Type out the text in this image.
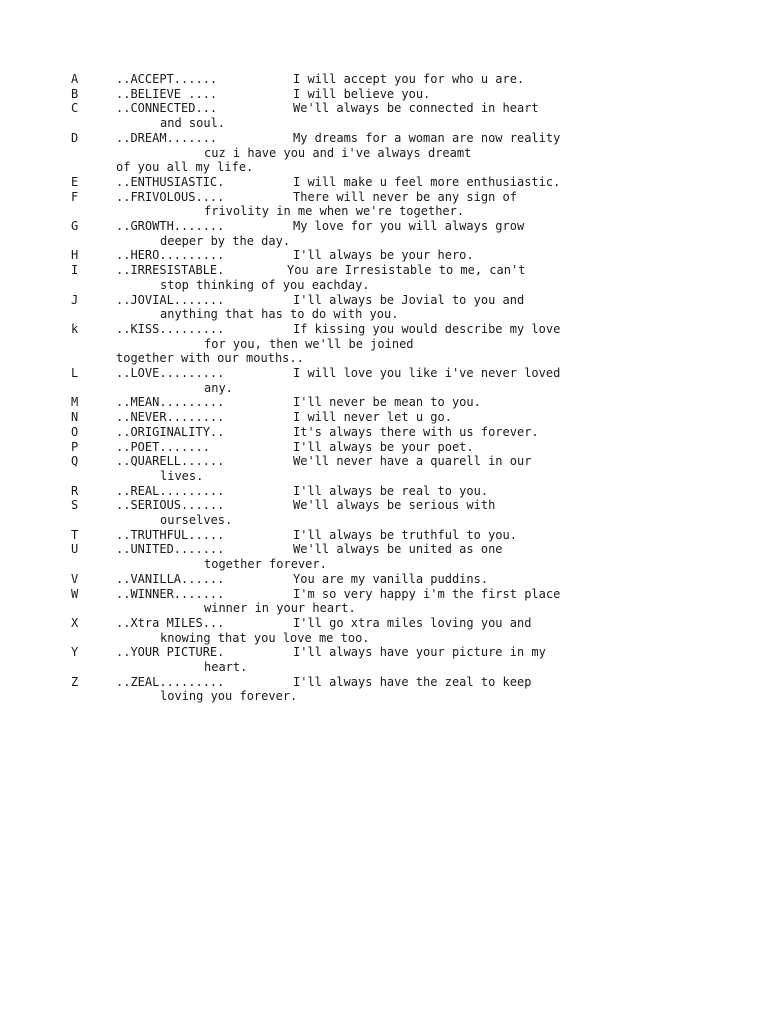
A	..ACCEPT......	I will accept you for who u are.
B	..BELIEVE ....	I will believe you.
C	..CONNECTED...	We'll always be connected in heart
and soul.
D	..DREAM.......	My dreams for a woman are now reality
cuz i have you and i've always dreamt
of you all my life.
E	..ENTHUSIASTIC.	I will make u feel more enthusiastic.
F	..FRIVOLOUS....	There will never be any sign of
frivolity in me when we're together.
G	..GROWTH.......	My love for you will always grow
deeper by the day.
H	..HERO.........	I'll always be your hero.
I	..IRRESISTABLE.	You are Irresistable to me, can't
stop thinking of you eachday.
J	..JOVIAL.......	I'll always be Jovial to you and
anything that has to do with you.
k	..KISS.........	If kissing you would describe my love
for you, then we'll be joined
together with our mouths..
L	..LOVE.........	I will love you like i've never loved
any.
M	..MEAN.........	I'll never be mean to you.
N	..NEVER........	I will never let u go.
O	..ORIGINALITY..	It's always there with us forever.
P	..POET.......	I'll always be your poet.
Q	..QUARELL......	We'll never have a quarell in our
lives.
R	..REAL.........	I'll always be real to you.
S	..SERIOUS......	We'll always be serious with
ourselves.
T	..TRUTHFUL.....	I'll always be truthful to you.
U	..UNITED.......	We'll always be united as one
together forever.
V	..VANILLA......	You are my vanilla puddins.
W	..WINNER.......	I'm so very happy i'm the first place
winner in your heart.
X	..Xtra MILES...	I'll go xtra miles loving you and
knowing that you love me too.
Y	..YOUR PICTURE.	I'll always have your picture in my
heart.
Z	..ZEAL.........	I'll always have the zeal to keep
loving you forever.
